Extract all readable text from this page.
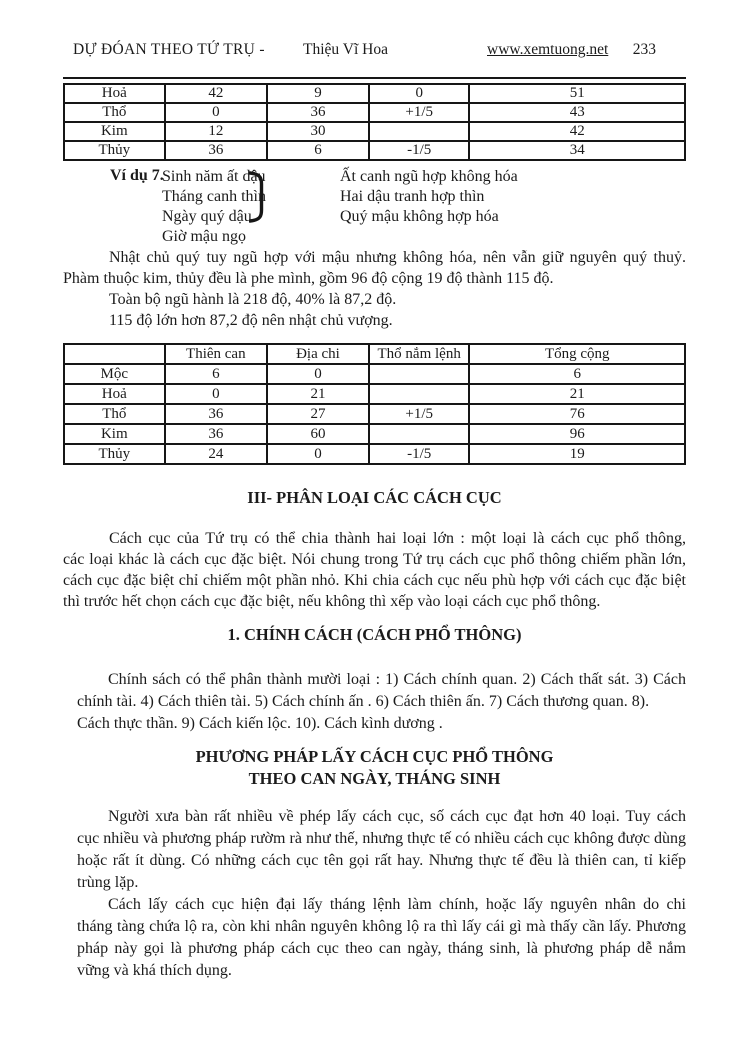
DỰ ĐÓAN THEO TỨ TRỤ - Thiệu Vĩ Hoa	www.xemtuong.net 233
Hoả	42	9	0	51
Thổ	0	36	+1/5	43
Kim	12	30		42
Thủy	36	6	-1/5	34
Ví dụ 7.
Sinh năm ất dậu	Ất canh ngũ hợp không hóa
Tháng canh thìn	Hai dậu tranh hợp thìn
Ngày quý dậu	Quý mậu không hợp hóa
Giờ mậu ngọ
Nhật chủ quý tuy ngũ hợp với mậu nhưng không hóa, nên vẫn giữ nguyên quý thuỷ.
Phàm thuộc kim, thủy đều là phe mình, gồm 96 độ cộng 19 độ thành 115 độ.
Toàn bộ ngũ hành là 218 độ, 40% là 87,2 độ.
115 độ lớn hơn 87,2 độ nên nhật chủ vượng.
	Thiên can	Địa chi	Thổ nắm lệnh	Tổng cộng
Mộc	6	0		6
Hoả	0	21		21
Thổ	36	27	+1/5	76
Kim	36	60		96
Thủy	24	0	-1/5	19
III- PHÂN LOẠI CÁC CÁCH CỤC
Cách cục của Tứ trụ có thể chia thành hai loại lớn : một loại là cách cục phổ thông,
các loại khác là cách cục đặc biệt. Nói chung trong Tứ trụ cách cục phổ thông chiếm phần lớn,
cách cục đặc biệt chỉ chiếm một phần nhỏ. Khi chia cách cục nếu phù hợp với cách cục đặc biệt
thì trước hết chọn cách cục đặc biệt, nếu không thì xếp vào loại cách cục phổ thông.
1. CHÍNH CÁCH (CÁCH PHỔ THÔNG)
Chính sách có thể phân thành mười loại : 1) Cách chính quan. 2) Cách thất sát. 3) Cách
chính tài. 4) Cách thiên tài. 5) Cách chính ấn . 6) Cách thiên ấn. 7) Cách thương quan. 8).
Cách thực thần. 9) Cách kiến lộc. 10). Cách kình dương .
PHƯƠNG PHÁP LẤY CÁCH CỤC PHỔ THÔNG
THEO CAN NGÀY, THÁNG SINH
Người xưa bàn rất nhiều về phép lấy cách cục, số cách cục đạt hơn 40 loại. Tuy cách
cục nhiều và phương pháp rườm rà như thế, nhưng thực tế có nhiều cách cục không được dùng
hoặc rất ít dùng. Có những cách cục tên gọi rất hay. Nhưng thực tế đều là thiên can, tỉ kiếp
trùng lặp.
Cách lấy cách cục hiện đại lấy tháng lệnh làm chính, hoặc lấy nguyên nhân do chi
tháng tàng chứa lộ ra, còn khi nhân nguyên không lộ ra thì lấy cái gì mà thấy cần lấy. Phương
pháp này gọi là phương pháp cách cục theo can ngày, tháng sinh, là phương pháp dễ nắm
vững và khá thích dụng.
